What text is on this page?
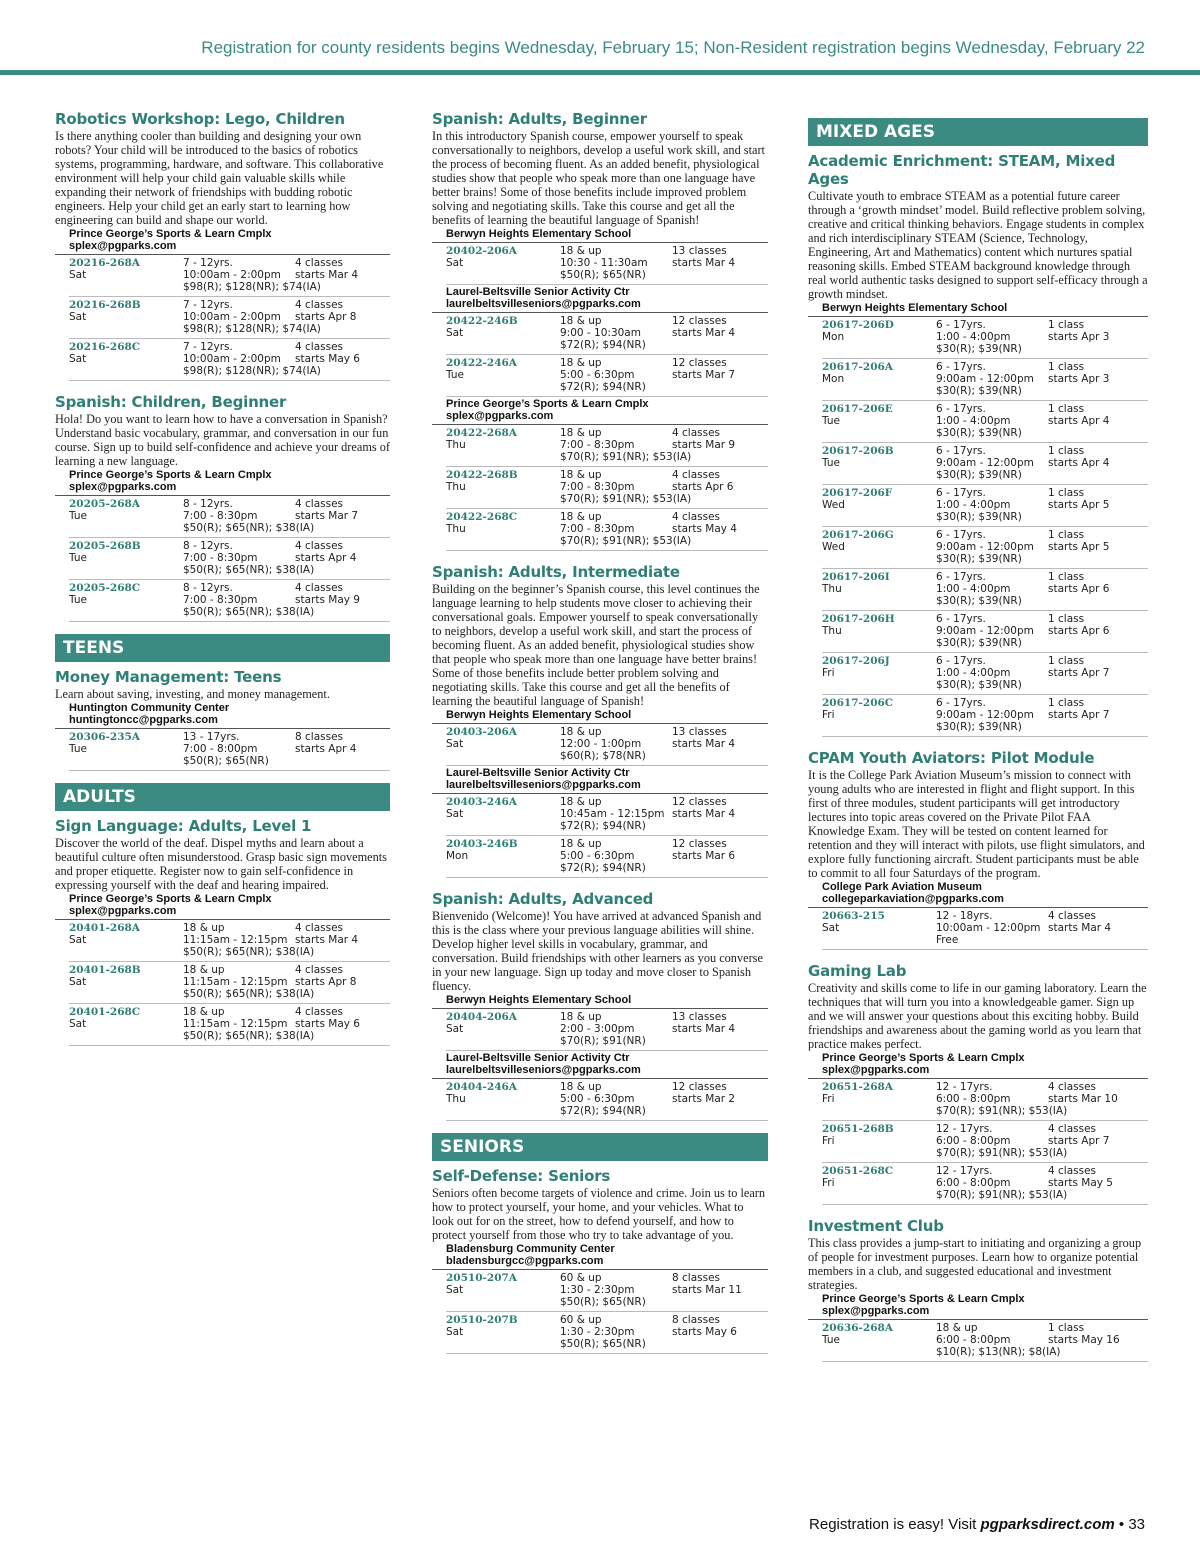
Registration for county residents begins Wednesday, February 15; Non-Resident registration begins Wednesday, February 22
Robotics Workshop: Lego, Children
Is there anything cooler than building and designing your own robots? Your child will be introduced to the basics of robotics systems, programming, hardware, and software. This collaborative environment will help your child gain valuable skills while expanding their network of friendships with budding robotic engineers. Help your child get an early start to learning how engineering can build and shape our world.
Prince George’s Sports & Learn Cmplx
splex@pgparks.com
20216-268A
Sat
7 - 12yrs.
10:00am - 2:00pm
$98(R); $128(NR); $74(IA)
4 classes
starts Mar 4
20216-268B
Sat
7 - 12yrs.
10:00am - 2:00pm
$98(R); $128(NR); $74(IA)
4 classes
starts Apr 8
20216-268C
Sat
7 - 12yrs.
10:00am - 2:00pm
$98(R); $128(NR); $74(IA)
4 classes
starts May 6
Spanish: Children, Beginner
Hola! Do you want to learn how to have a conversation in Spanish? Understand basic vocabulary, grammar, and conversation in our fun course. Sign up to build self-confidence and achieve your dreams of learning a new language.
Prince George’s Sports & Learn Cmplx
splex@pgparks.com
20205-268A
Tue
8 - 12yrs.
7:00 - 8:30pm
$50(R); $65(NR); $38(IA)
4 classes
starts Mar 7
20205-268B
Tue
8 - 12yrs.
7:00 - 8:30pm
$50(R); $65(NR); $38(IA)
4 classes
starts Apr 4
20205-268C
Tue
8 - 12yrs.
7:00 - 8:30pm
$50(R); $65(NR); $38(IA)
4 classes
starts May 9
TEENS
Money Management: Teens
Learn about saving, investing, and money management.
Huntington Community Center
huntingtoncc@pgparks.com
20306-235A
Tue
13 - 17yrs.
7:00 - 8:00pm
$50(R); $65(NR)
8 classes
starts Apr 4
ADULTS
Sign Language: Adults, Level 1
Discover the world of the deaf. Dispel myths and learn about a beautiful culture often misunderstood. Grasp basic sign movements and proper etiquette. Register now to gain self-confidence in expressing yourself with the deaf and hearing impaired.
Prince George’s Sports & Learn Cmplx
splex@pgparks.com
20401-268A
Sat
18 & up
11:15am - 12:15pm
$50(R); $65(NR); $38(IA)
4 classes
starts Mar 4
20401-268B
Sat
18 & up
11:15am - 12:15pm
$50(R); $65(NR); $38(IA)
4 classes
starts Apr 8
20401-268C
Sat
18 & up
11:15am - 12:15pm
$50(R); $65(NR); $38(IA)
4 classes
starts May 6
Spanish: Adults, Beginner
In this introductory Spanish course, empower yourself to speak conversationally to neighbors, develop a useful work skill, and start the process of becoming fluent. As an added benefit, physiological studies show that people who speak more than one language have better brains! Some of those benefits include improved problem solving and negotiating skills. Take this course and get all the benefits of learning the beautiful language of Spanish!
Berwyn Heights Elementary School
20402-206A
Sat
18 & up
10:30 - 11:30am
$50(R); $65(NR)
13 classes
starts Mar 4
Laurel-Beltsville Senior Activity Ctr
laurelbeltsvilleseniors@pgparks.com
20422-246B
Sat
18 & up
9:00 - 10:30am
$72(R); $94(NR)
12 classes
starts Mar 4
20422-246A
Tue
18 & up
5:00 - 6:30pm
$72(R); $94(NR)
12 classes
starts Mar 7
Prince George’s Sports & Learn Cmplx
splex@pgparks.com
20422-268A
Thu
18 & up
7:00 - 8:30pm
$70(R); $91(NR); $53(IA)
4 classes
starts Mar 9
20422-268B
Thu
18 & up
7:00 - 8:30pm
$70(R); $91(NR); $53(IA)
4 classes
starts Apr 6
20422-268C
Thu
18 & up
7:00 - 8:30pm
$70(R); $91(NR); $53(IA)
4 classes
starts May 4
Spanish: Adults, Intermediate
Building on the beginner’s Spanish course, this level continues the language learning to help students move closer to achieving their conversational goals. Empower yourself to speak conversationally to neighbors, develop a useful work skill, and start the process of becoming fluent. As an added benefit, physiological studies show that people who speak more than one language have better brains! Some of those benefits include better problem solving and negotiating skills. Take this course and get all the benefits of learning the beautiful language of Spanish!
Berwyn Heights Elementary School
20403-206A
Sat
18 & up
12:00 - 1:00pm
$60(R); $78(NR)
13 classes
starts Mar 4
Laurel-Beltsville Senior Activity Ctr
laurelbeltsvilleseniors@pgparks.com
20403-246A
Sat
18 & up
10:45am - 12:15pm
$72(R); $94(NR)
12 classes
starts Mar 4
20403-246B
Mon
18 & up
5:00 - 6:30pm
$72(R); $94(NR)
12 classes
starts Mar 6
Spanish: Adults, Advanced
Bienvenido (Welcome)! You have arrived at advanced Spanish and this is the class where your previous language abilities will shine. Develop higher level skills in vocabulary, grammar, and conversation. Build friendships with other learners as you converse in your new language. Sign up today and move closer to Spanish fluency.
Berwyn Heights Elementary School
20404-206A
Sat
18 & up
2:00 - 3:00pm
$70(R); $91(NR)
13 classes
starts Mar 4
Laurel-Beltsville Senior Activity Ctr
laurelbeltsvilleseniors@pgparks.com
20404-246A
Thu
18 & up
5:00 - 6:30pm
$72(R); $94(NR)
12 classes
starts Mar 2
SENIORS
Self-Defense: Seniors
Seniors often become targets of violence and crime. Join us to learn how to protect yourself, your home, and your vehicles. What to look out for on the street, how to defend yourself, and how to protect yourself from those who try to take advantage of you.
Bladensburg Community Center
bladensburgcc@pgparks.com
20510-207A
Sat
60 & up
1:30 - 2:30pm
$50(R); $65(NR)
8 classes
starts Mar 11
20510-207B
Sat
60 & up
1:30 - 2:30pm
$50(R); $65(NR)
8 classes
starts May 6
MIXED AGES
Academic Enrichment: STEAM, Mixed Ages
Cultivate youth to embrace STEAM as a potential future career through a ‘growth mindset’ model. Build reflective problem solving, creative and critical thinking behaviors. Engage students in complex and rich interdisciplinary STEAM (Science, Technology, Engineering, Art and Mathematics) content which nurtures spatial reasoning skills. Embed STEAM background knowledge through real world authentic tasks designed to support self-efficacy through a growth mindset.
Berwyn Heights Elementary School
20617-206D
Mon
6 - 17yrs.
1:00 - 4:00pm
$30(R); $39(NR)
1 class
starts Apr 3
20617-206A
Mon
6 - 17yrs.
9:00am - 12:00pm
$30(R); $39(NR)
1 class
starts Apr 3
20617-206E
Tue
6 - 17yrs.
1:00 - 4:00pm
$30(R); $39(NR)
1 class
starts Apr 4
20617-206B
Tue
6 - 17yrs.
9:00am - 12:00pm
$30(R); $39(NR)
1 class
starts Apr 4
20617-206F
Wed
6 - 17yrs.
1:00 - 4:00pm
$30(R); $39(NR)
1 class
starts Apr 5
20617-206G
Wed
6 - 17yrs.
9:00am - 12:00pm
$30(R); $39(NR)
1 class
starts Apr 5
20617-206I
Thu
6 - 17yrs.
1:00 - 4:00pm
$30(R); $39(NR)
1 class
starts Apr 6
20617-206H
Thu
6 - 17yrs.
9:00am - 12:00pm
$30(R); $39(NR)
1 class
starts Apr 6
20617-206J
Fri
6 - 17yrs.
1:00 - 4:00pm
$30(R); $39(NR)
1 class
starts Apr 7
20617-206C
Fri
6 - 17yrs.
9:00am - 12:00pm
$30(R); $39(NR)
1 class
starts Apr 7
CPAM Youth Aviators: Pilot Module
It is the College Park Aviation Museum’s mission to connect with young adults who are interested in flight and flight support. In this first of three modules, student participants will get introductory lectures into topic areas covered on the Private Pilot FAA Knowledge Exam. They will be tested on content learned for retention and they will interact with pilots, use flight simulators, and explore fully functioning aircraft. Student participants must be able to commit to all four Saturdays of the program.
College Park Aviation Museum
collegeparkaviation@pgparks.com
20663-215
Sat
12 - 18yrs.
10:00am - 12:00pm
Free
4 classes
starts Mar 4
Gaming Lab
Creativity and skills come to life in our gaming laboratory. Learn the techniques that will turn you into a knowledgeable gamer. Sign up and we will answer your questions about this exciting hobby. Build friendships and awareness about the gaming world as you learn that practice makes perfect.
Prince George’s Sports & Learn Cmplx
splex@pgparks.com
20651-268A
Fri
12 - 17yrs.
6:00 - 8:00pm
$70(R); $91(NR); $53(IA)
4 classes
starts Mar 10
20651-268B
Fri
12 - 17yrs.
6:00 - 8:00pm
$70(R); $91(NR); $53(IA)
4 classes
starts Apr 7
20651-268C
Fri
12 - 17yrs.
6:00 - 8:00pm
$70(R); $91(NR); $53(IA)
4 classes
starts May 5
Investment Club
This class provides a jump-start to initiating and organizing a group of people for investment purposes. Learn how to organize potential members in a club, and suggested educational and investment strategies.
Prince George’s Sports & Learn Cmplx
splex@pgparks.com
20636-268A
Tue
18 & up
6:00 - 8:00pm
$10(R); $13(NR); $8(IA)
1 class
starts May 16
Registration is easy! Visit pgparksdirect.com • 33
